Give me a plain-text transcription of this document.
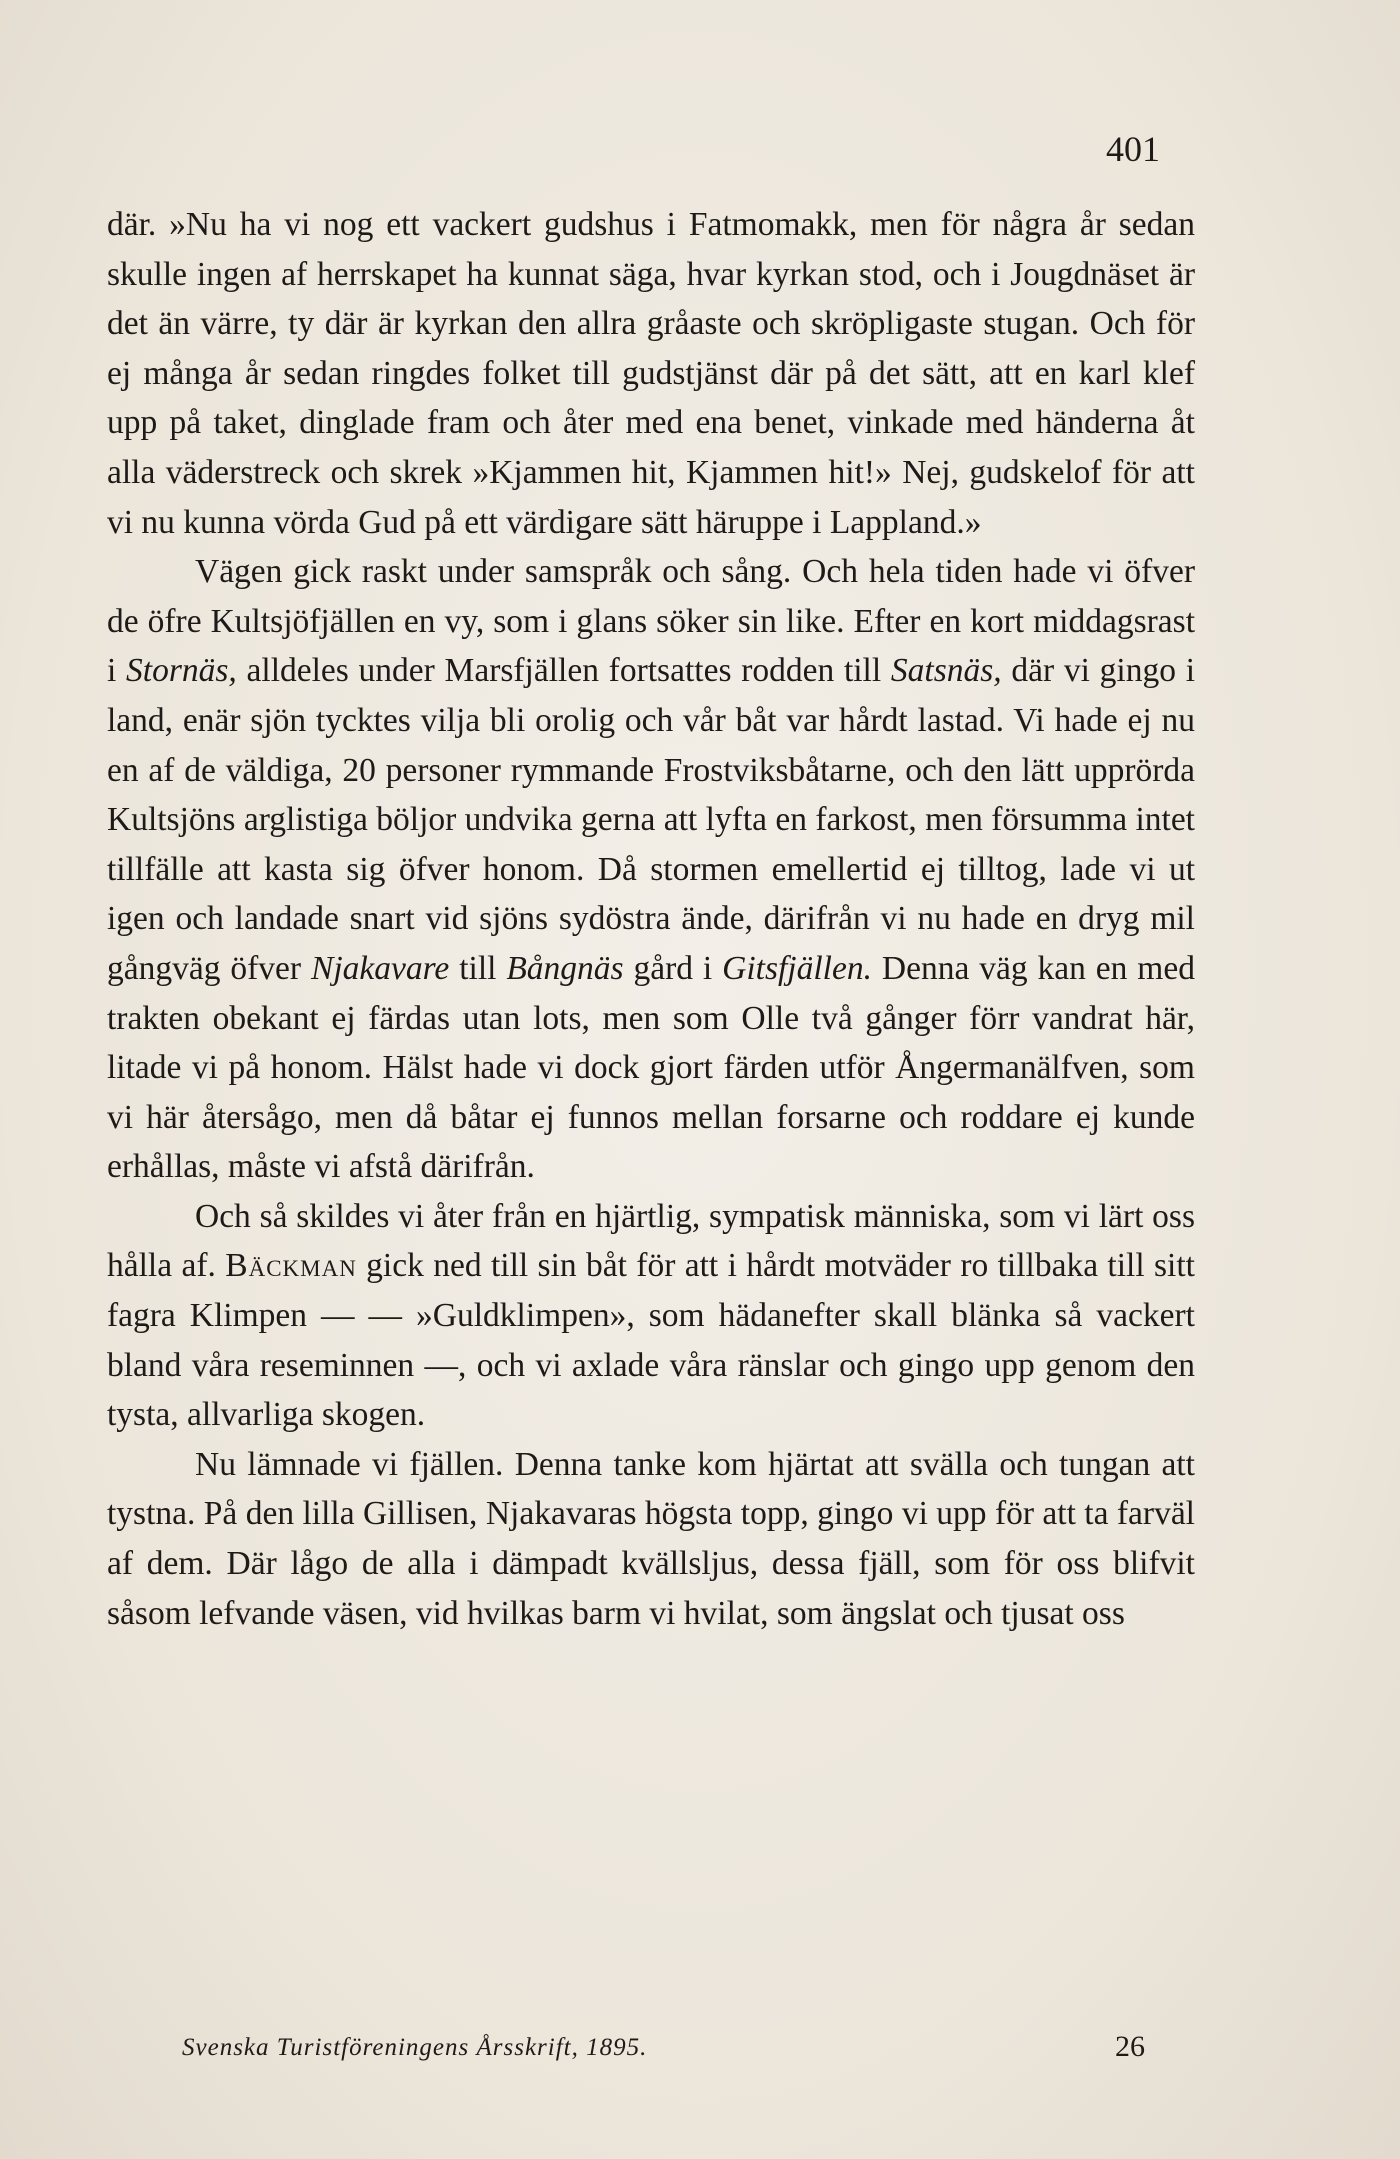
401

där. »Nu ha vi nog ett vackert gudshus i Fatmomakk, men för några år sedan skulle ingen af herrskapet ha kunnat säga, hvar kyrkan stod, och i Jougdnäset är det än värre, ty där är kyrkan den allra gråaste och skröpligaste stugan. Och för ej många år sedan ringdes folket till gudstjänst där på det sätt, att en karl klef upp på taket, dinglade fram och åter med ena benet, vinkade med händerna åt alla väderstreck och skrek »Kjammen hit, Kjammen hit!» Nej, gudskelof för att vi nu kunna vörda Gud på ett värdigare sätt häruppe i Lappland.»

Vägen gick raskt under samspråk och sång. Och hela tiden hade vi öfver de öfre Kultsjöfjällen en vy, som i glans söker sin like. Efter en kort middagsrast i Stornäs, alldeles under Marsfjällen fortsattes rodden till Satsnäs, där vi gingo i land, enär sjön tycktes vilja bli orolig och vår båt var hårdt lastad. Vi hade ej nu en af de väldiga, 20 personer rymmande Frostviksbåtarne, och den lätt upprörda Kultsjöns arglistiga böljor undvika gerna att lyfta en farkost, men försumma intet tillfälle att kasta sig öfver honom. Då stormen emellertid ej tilltog, lade vi ut igen och landade snart vid sjöns sydöstra ände, därifrån vi nu hade en dryg mil gångväg öfver Njakavare till Bångnäs gård i Gitsfjällen. Denna väg kan en med trakten obekant ej färdas utan lots, men som Olle två gånger förr vandrat här, litade vi på honom. Hälst hade vi dock gjort färden utför Ångermanälfven, som vi här återsågo, men då båtar ej funnos mellan forsarne och roddare ej kunde erhållas, måste vi afstå därifrån.

Och så skildes vi åter från en hjärtlig, sympatisk människa, som vi lärt oss hålla af. Bäckman gick ned till sin båt för att i hårdt motväder ro tillbaka till sitt fagra Klimpen — — »Guldklimpen», som hädanefter skall blänka så vackert bland våra reseminnen —, och vi axlade våra ränslar och gingo upp genom den tysta, allvarliga skogen.

Nu lämnade vi fjällen. Denna tanke kom hjärtat att svälla och tungan att tystna. På den lilla Gillisen, Njakavaras högsta topp, gingo vi upp för att ta farväl af dem. Där lågo de alla i dämpadt kvällsljus, dessa fjäll, som för oss blifvit såsom lefvande väsen, vid hvilkas barm vi hvilat, som ängslat och tjusat oss

Svenska Turistföreningens Årsskrift, 1895.	26
